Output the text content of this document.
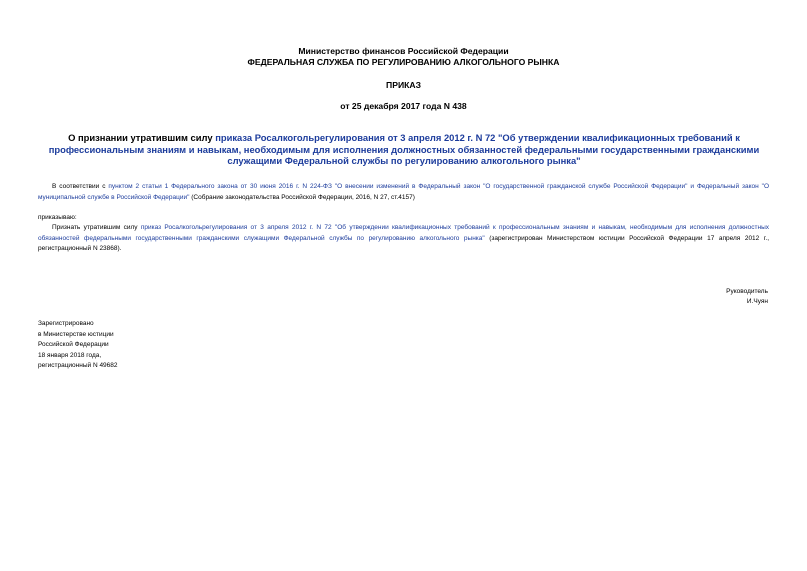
Министерство финансов Российской Федерации
ФЕДЕРАЛЬНАЯ СЛУЖБА ПО РЕГУЛИРОВАНИЮ АЛКОГОЛЬНОГО РЫНКА
ПРИКАЗ
от 25 декабря 2017 года N 438
О признании утратившим силу приказа Росалкогольрегулирования от 3 апреля 2012 г. N 72 "Об утверждении квалификационных требований к профессиональным знаниям и навыкам, необходимым для исполнения должностных обязанностей федеральными государственными гражданскими служащими Федеральной службы по регулированию алкогольного рынка"
В соответствии с пунктом 2 статьи 1 Федерального закона от 30 июня 2016 г. N 224-ФЗ "О внесении изменений в Федеральный закон "О государственной гражданской службе Российской Федерации" и Федеральный закон "О муниципальной службе в Российской Федерации" (Собрание законодательства Российской Федерации, 2016, N 27, ст.4157)
приказываю:
Признать утратившим силу приказ Росалкогольрегулирования от 3 апреля 2012 г. N 72 "Об утверждении квалификационных требований к профессиональным знаниям и навыкам, необходимым для исполнения должностных обязанностей федеральными государственными гражданскими служащими Федеральной службы по регулированию алкогольного рынка" (зарегистрирован Министерством юстиции Российской Федерации 17 апреля 2012 г., регистрационный N 23868).
Руководитель
И.Чуян
Зарегистрировано
в Министерстве юстиции
Российской Федерации
18 января 2018 года,
регистрационный N 49682
